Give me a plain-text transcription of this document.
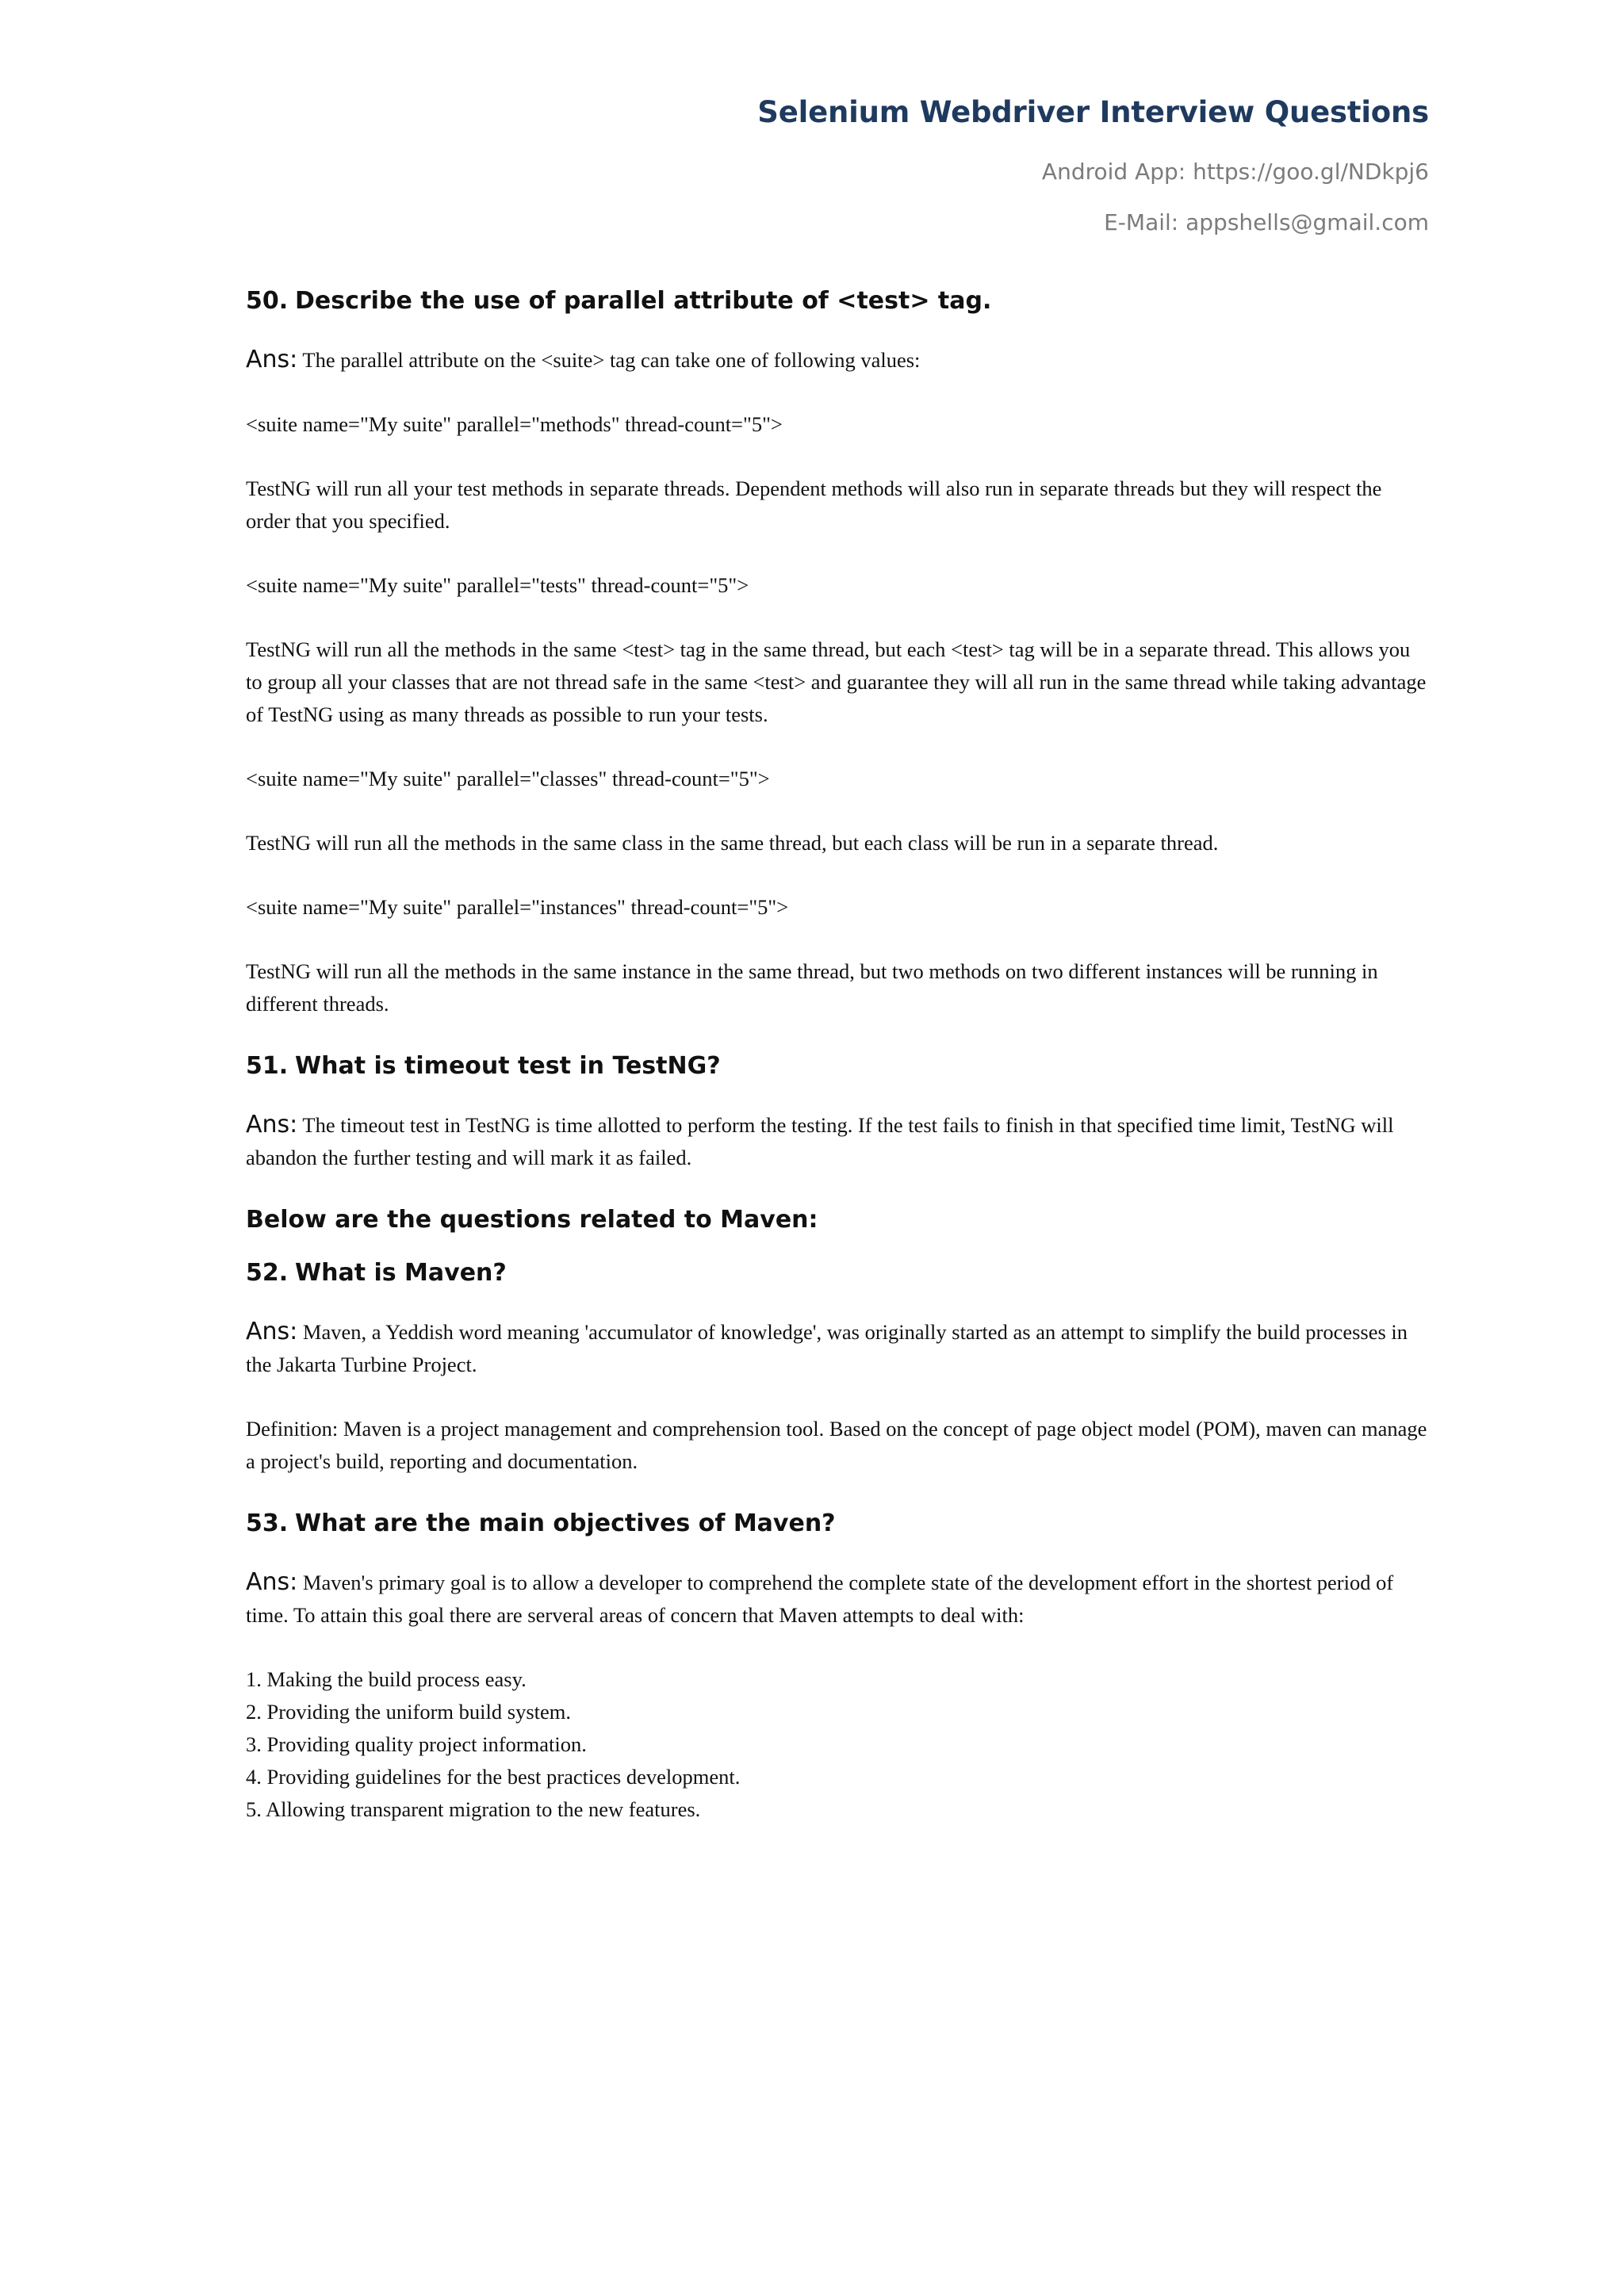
Selenium Webdriver Interview Questions
Android App: https://goo.gl/NDkpj6
E-Mail: appshells@gmail.com
50. Describe the use of parallel attribute of <test> tag.

Ans: The parallel attribute on the <suite> tag can take one of following values:

<suite name="My suite" parallel="methods" thread-count="5">

TestNG will run all your test methods in separate threads. Dependent methods will also run in separate threads but they will respect the order that you specified.

<suite name="My suite" parallel="tests" thread-count="5">

TestNG will run all the methods in the same <test> tag in the same thread, but each <test> tag will be in a separate thread. This allows you to group all your classes that are not thread safe in the same <test> and guarantee they will all run in the same thread while taking advantage of TestNG using as many threads as possible to run your tests.

<suite name="My suite" parallel="classes" thread-count="5">

TestNG will run all the methods in the same class in the same thread, but each class will be run in a separate thread.

<suite name="My suite" parallel="instances" thread-count="5">

TestNG will run all the methods in the same instance in the same thread, but two methods on two different instances will be running in different threads.

51. What is timeout test in TestNG?

Ans: The timeout test in TestNG is time allotted to perform the testing. If the test fails to finish in that specified time limit, TestNG will abandon the further testing and will mark it as failed.

Below are the questions related to Maven:
52. What is Maven?

Ans: Maven, a Yeddish word meaning 'accumulator of knowledge', was originally started as an attempt to simplify the build processes in the Jakarta Turbine Project.

Definition: Maven is a project management and comprehension tool. Based on the concept of page object model (POM), maven can manage a project's build, reporting and documentation.

53. What are the main objectives of Maven?

Ans: Maven's primary goal is to allow a developer to comprehend the complete state of the development effort in the shortest period of time. To attain this goal there are serveral areas of concern that Maven attempts to deal with:

1. Making the build process easy.
2. Providing the uniform build system.
3. Providing quality project information.
4. Providing guidelines for the best practices development.
5. Allowing transparent migration to the new features.
